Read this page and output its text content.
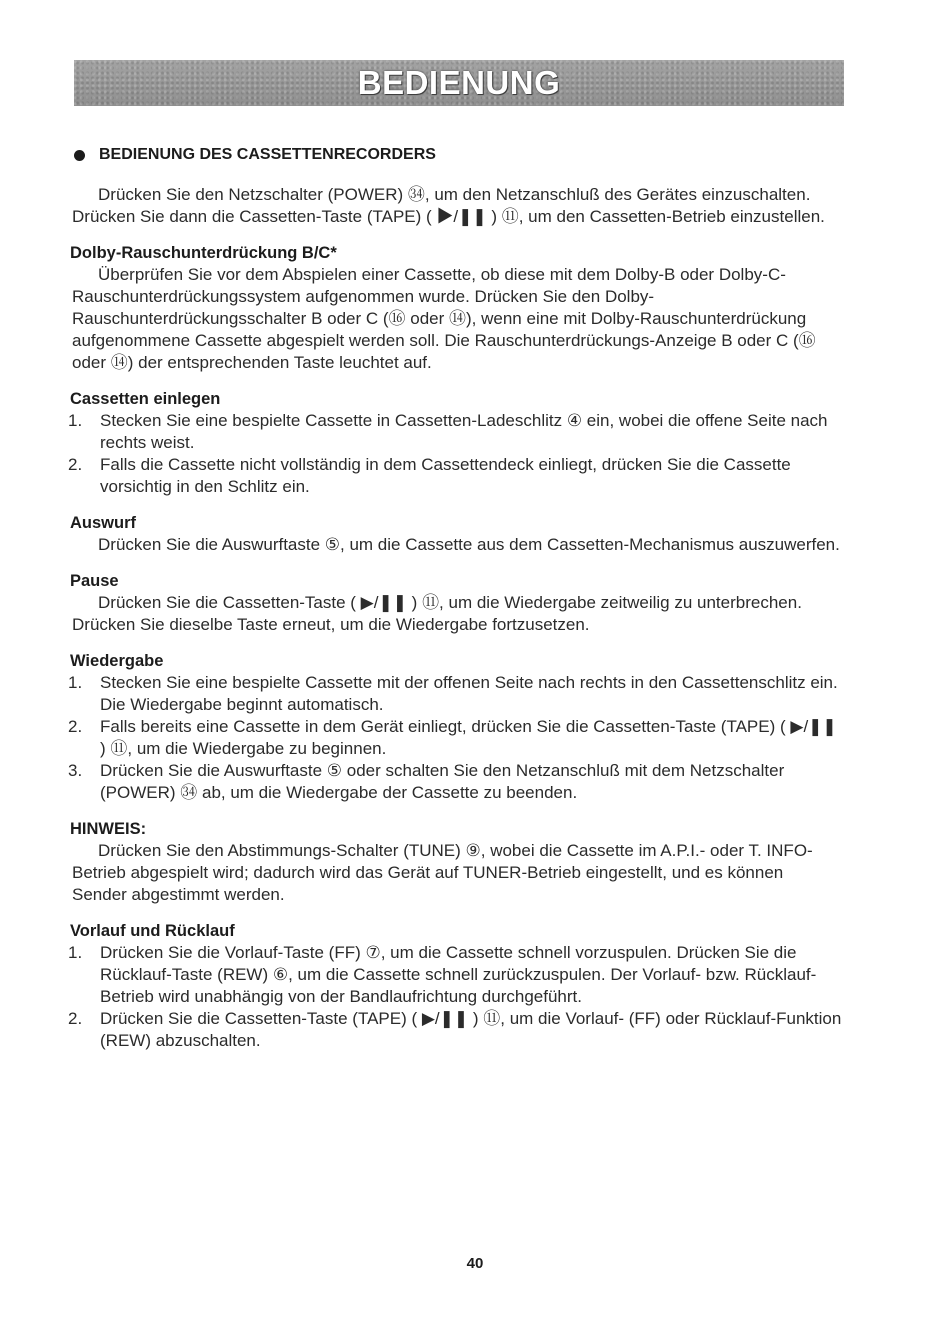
BEDIENUNG
BEDIENUNG DES CASSETTENRECORDERS

Drücken Sie den Netzschalter (POWER) ㉞, um den Netzanschluß des Gerätes einzuschalten. Drücken Sie dann die Cassetten-Taste (TAPE) ( ▶/❚❚ ) ⑪, um den Cassetten-Betrieb einzustellen.

Dolby-Rauschunterdrückung B/C*

Überprüfen Sie vor dem Abspielen einer Cassette, ob diese mit dem Dolby-B oder Dolby-C-Rauschunterdrückungssystem aufgenommen wurde. Drücken Sie den Dolby-Rauschunterdrückungsschalter B oder C (⑯ oder ⑭), wenn eine mit Dolby-Rauschunterdrückung aufgenommene Cassette abgespielt werden soll. Die Rauschunterdrückungs-Anzeige B oder C (⑯ oder ⑭) der entsprechenden Taste leuchtet auf.

Cassetten einlegen
1.	Stecken Sie eine bespielte Cassette in Cassetten-Ladeschlitz ④ ein, wobei die offene Seite nach rechts weist.
2.	Falls die Cassette nicht vollständig in dem Cassettendeck einliegt, drücken Sie die Cassette vorsichtig in den Schlitz ein.
Auswurf

Drücken Sie die Auswurftaste ⑤, um die Cassette aus dem Cassetten-Mechanismus auszuwerfen.

Pause

Drücken Sie die Cassetten-Taste ( ▶/❚❚ ) ⑪, um die Wiedergabe zeitweilig zu unterbrechen. Drücken Sie dieselbe Taste erneut, um die Wiedergabe fortzusetzen.

Wiedergabe
1.	Stecken Sie eine bespielte Cassette mit der offenen Seite nach rechts in den Cassettenschlitz ein. Die Wiedergabe beginnt automatisch.
2.	Falls bereits eine Cassette in dem Gerät einliegt, drücken Sie die Cassetten-Taste (TAPE) ( ▶/❚❚ ) ⑪, um die Wiedergabe zu beginnen.
3.	Drücken Sie die Auswurftaste ⑤ oder schalten Sie den Netzanschluß mit dem Netzschalter (POWER) ㉞ ab, um die Wiedergabe der Cassette zu beenden.
HINWEIS:

Drücken Sie den Abstimmungs-Schalter (TUNE) ⑨, wobei die Cassette im A.P.I.- oder T. INFO-Betrieb abgespielt wird; dadurch wird das Gerät auf TUNER-Betrieb eingestellt, und es können Sender abgestimmt werden.

Vorlauf und Rücklauf
1.	Drücken Sie die Vorlauf-Taste (FF) ⑦, um die Cassette schnell vorzuspulen. Drücken Sie die Rücklauf-Taste (REW) ⑥, um die Cassette schnell zurückzuspulen. Der Vorlauf- bzw. Rücklauf-Betrieb wird unabhängig von der Bandlaufrichtung durchgeführt.
2.	Drücken Sie die Cassetten-Taste (TAPE) ( ▶/❚❚ ) ⑪, um die Vorlauf- (FF) oder Rücklauf-Funktion (REW) abzuschalten.
40
